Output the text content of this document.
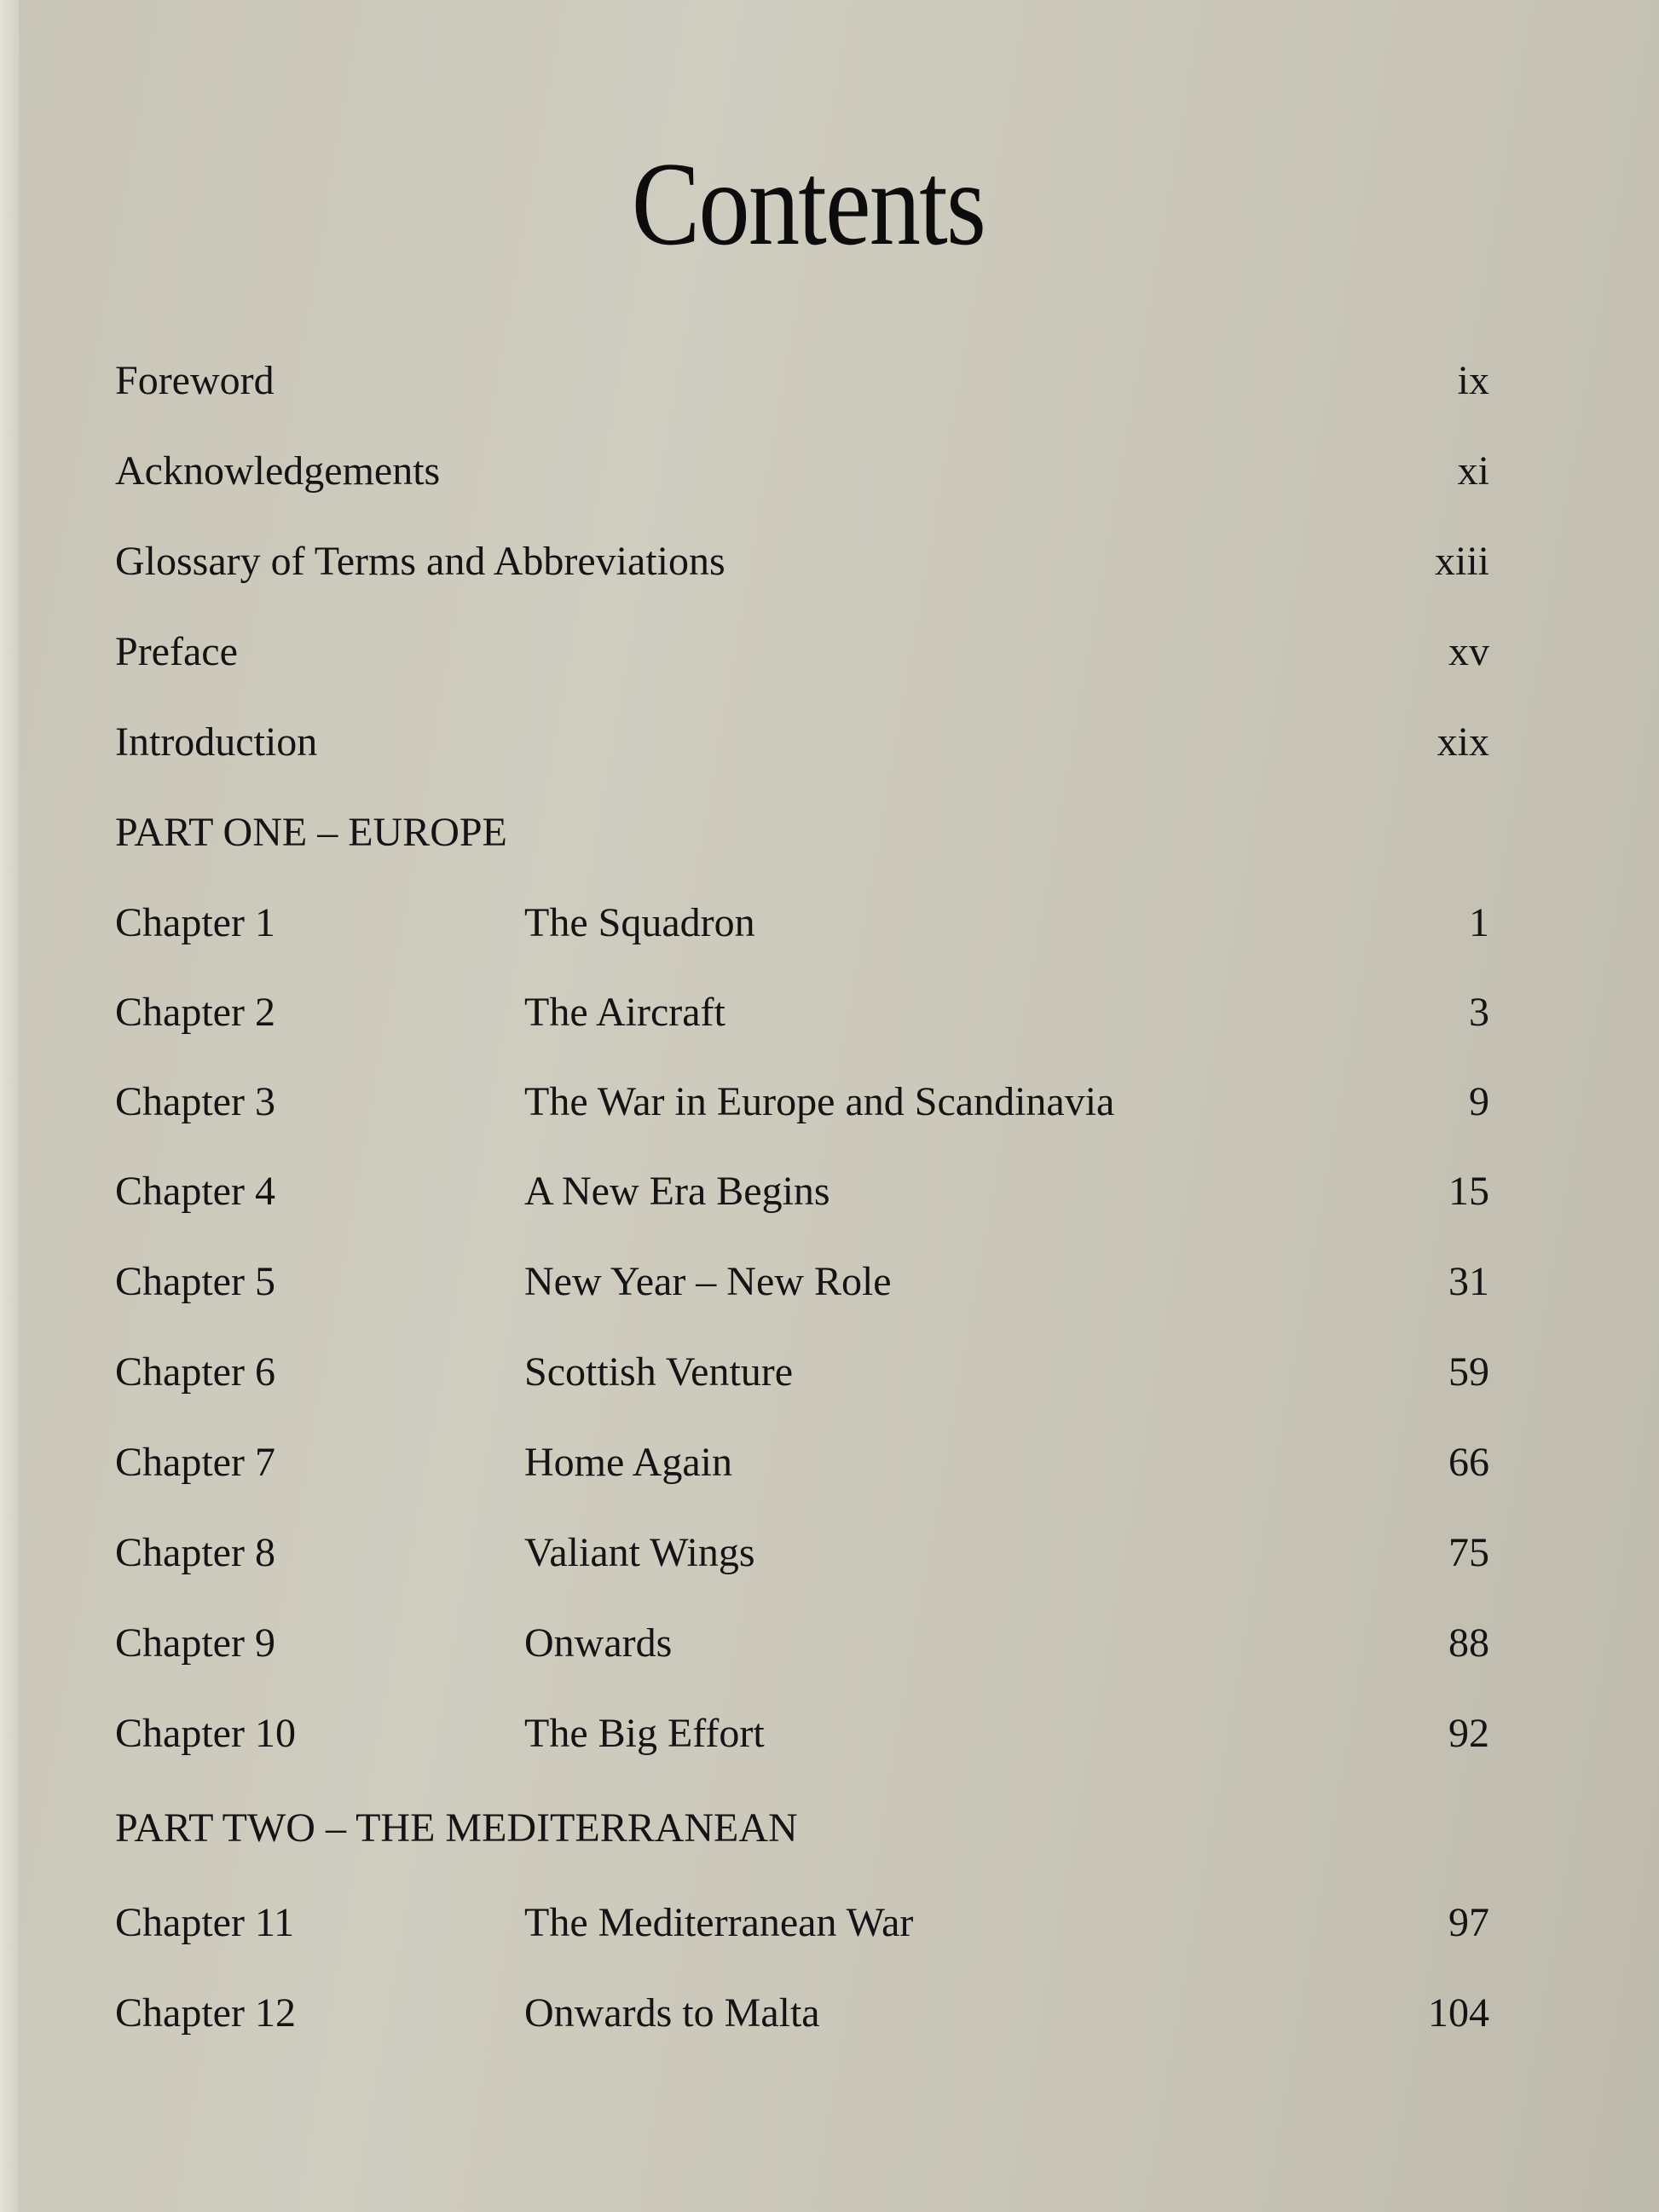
Contents
Foreword	ix
Acknowledgements	xi
Glossary of Terms and Abbreviations	xiii
Preface	xv
Introduction	xix
PART ONE – EUROPE
Chapter 1	The Squadron	1
Chapter 2	The Aircraft	3
Chapter 3	The War in Europe and Scandinavia	9
Chapter 4	A New Era Begins	15
Chapter 5	New Year – New Role	31
Chapter 6	Scottish Venture	59
Chapter 7	Home Again	66
Chapter 8	Valiant Wings	75
Chapter 9	Onwards	88
Chapter 10	The Big Effort	92
PART TWO – THE MEDITERRANEAN
Chapter 11	The Mediterranean War	97
Chapter 12	Onwards to Malta	104
